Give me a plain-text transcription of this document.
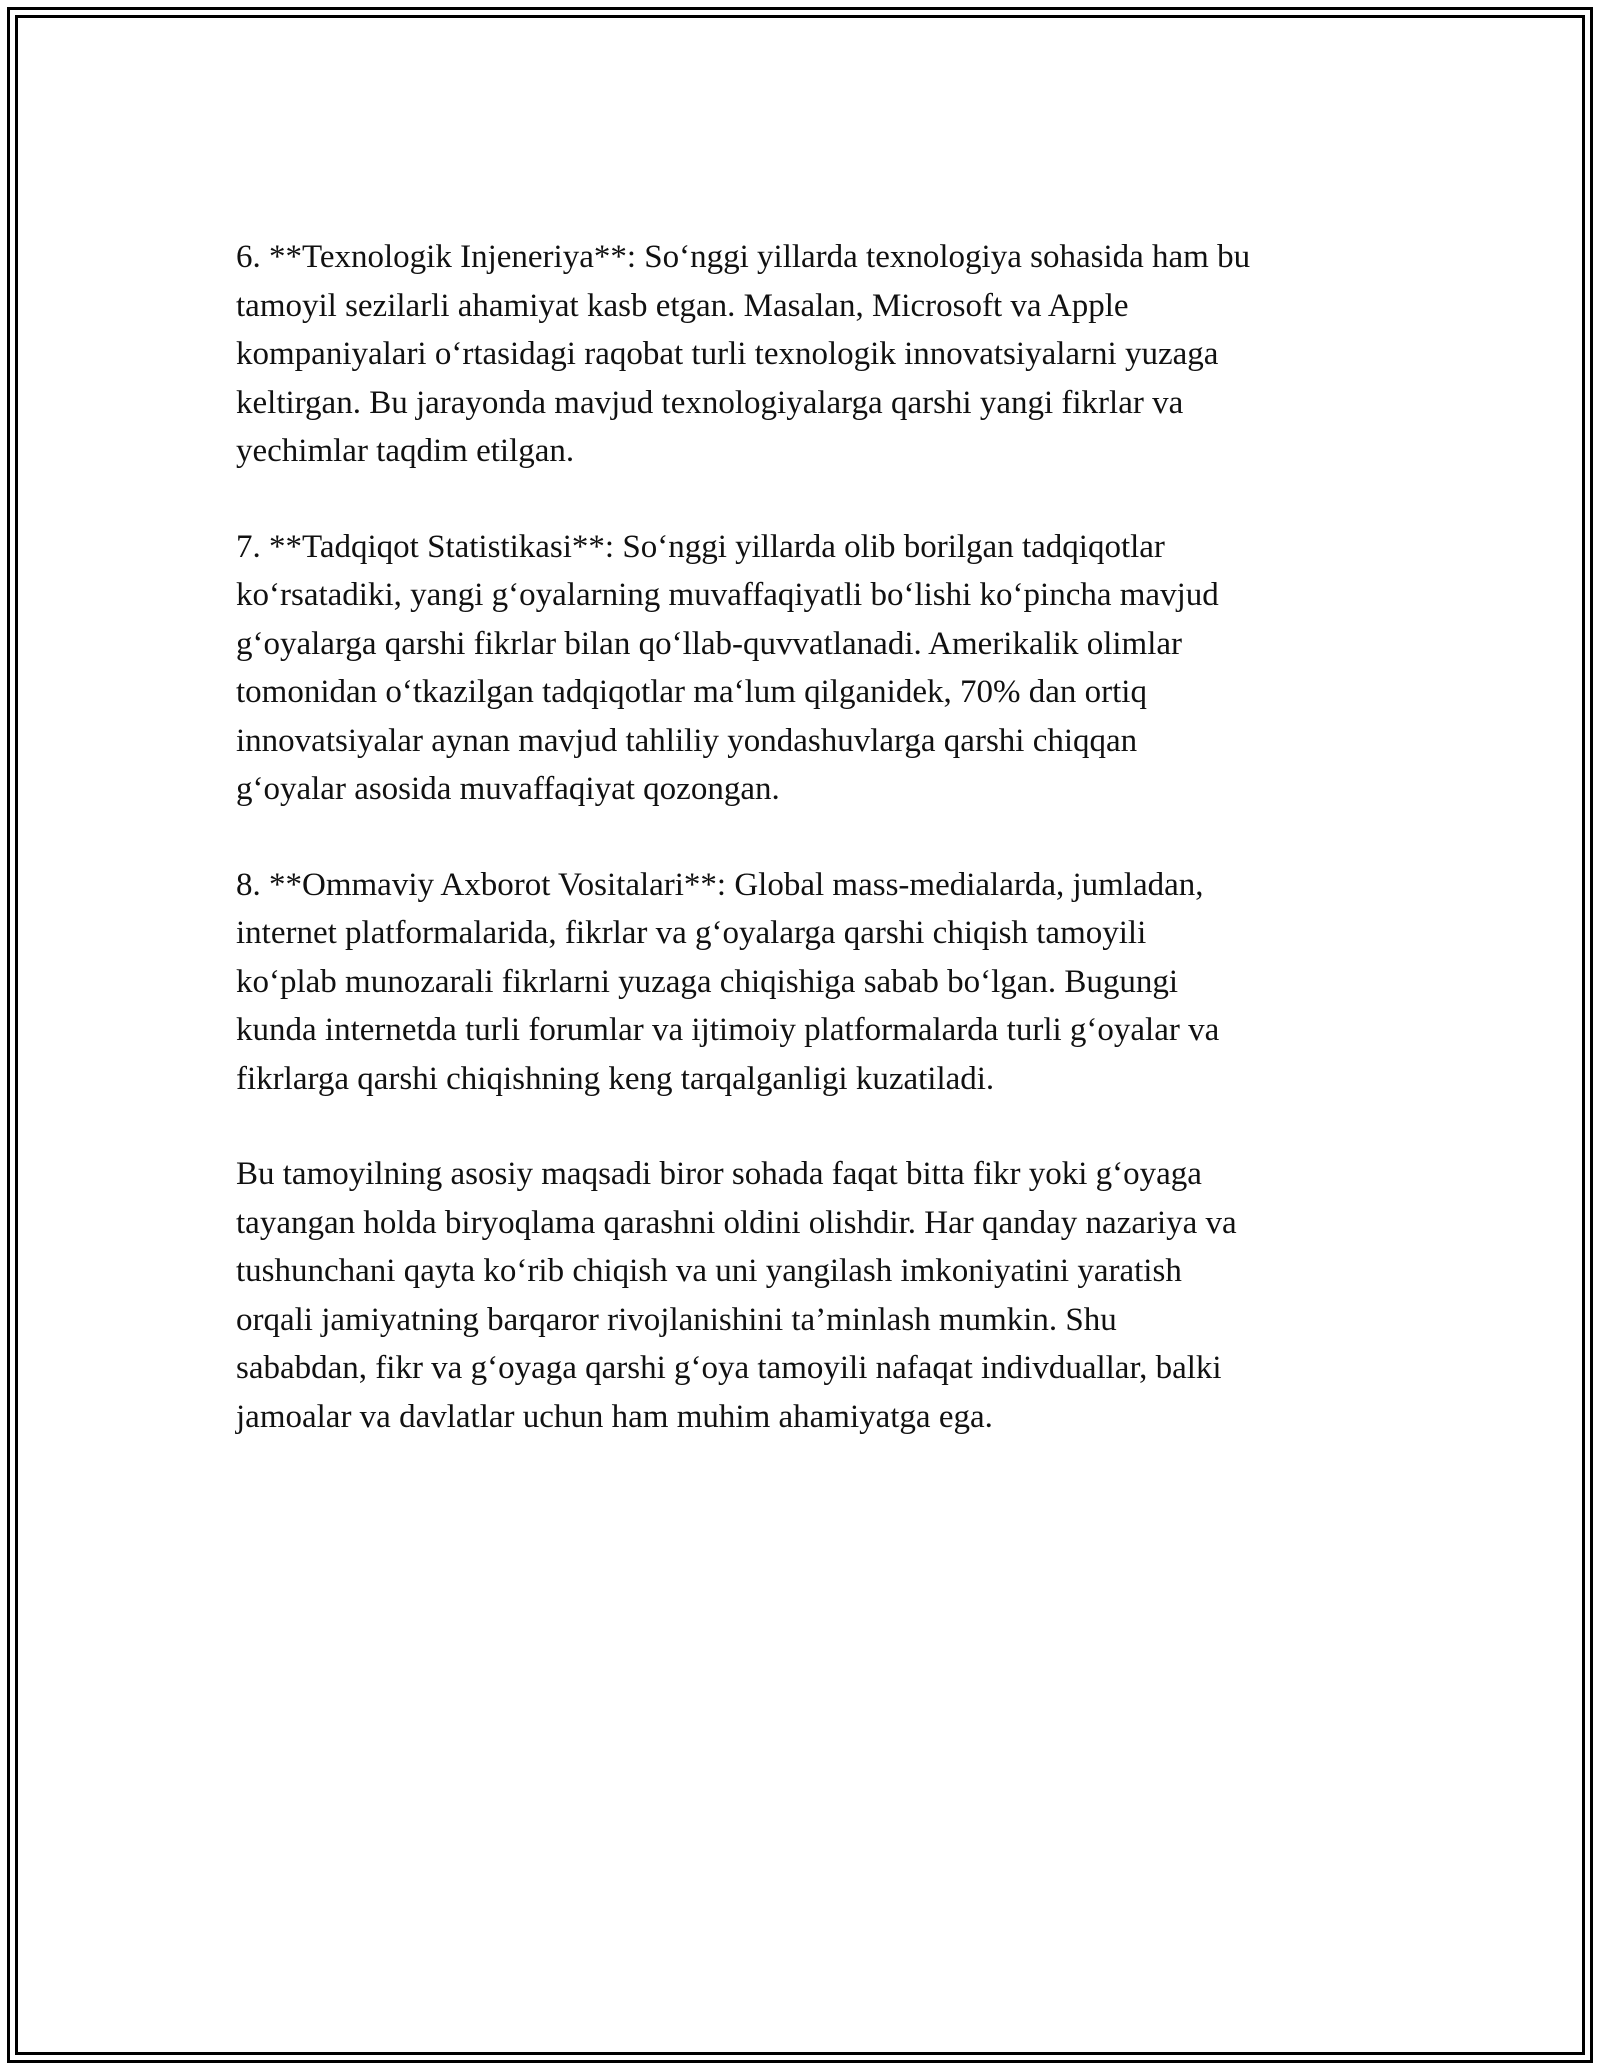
6. **Texnologik Injeneriya**: So‘nggi yillarda texnologiya sohasida ham bu
tamoyil sezilarli ahamiyat kasb etgan. Masalan, Microsoft va Apple
kompaniyalari o‘rtasidagi raqobat turli texnologik innovatsiyalarni yuzaga
keltirgan. Bu jarayonda mavjud texnologiyalarga qarshi yangi fikrlar va
yechimlar taqdim etilgan.

7. **Tadqiqot Statistikasi**: So‘nggi yillarda olib borilgan tadqiqotlar
ko‘rsatadiki, yangi g‘oyalarning muvaffaqiyatli bo‘lishi ko‘pincha mavjud
g‘oyalarga qarshi fikrlar bilan qo‘llab-quvvatlanadi. Amerikalik olimlar
tomonidan o‘tkazilgan tadqiqotlar ma‘lum qilganidek, 70% dan ortiq
innovatsiyalar aynan mavjud tahliliy yondashuvlarga qarshi chiqqan
g‘oyalar asosida muvaffaqiyat qozongan.

8. **Ommaviy Axborot Vositalari**: Global mass-medialarda, jumladan,
internet platformalarida, fikrlar va g‘oyalarga qarshi chiqish tamoyili
ko‘plab munozarali fikrlarni yuzaga chiqishiga sabab bo‘lgan. Bugungi
kunda internetda turli forumlar va ijtimoiy platformalarda turli g‘oyalar va
fikrlarga qarshi chiqishning keng tarqalganligi kuzatiladi.

Bu tamoyilning asosiy maqsadi biror sohada faqat bitta fikr yoki g‘oyaga
tayangan holda biryoqlama qarashni oldini olishdir. Har qanday nazariya va
tushunchani qayta ko‘rib chiqish va uni yangilash imkoniyatini yaratish
orqali jamiyatning barqaror rivojlanishini ta’minlash mumkin. Shu
sababdan, fikr va g‘oyaga qarshi g‘oya tamoyili nafaqat indivduallar, balki
jamoalar va davlatlar uchun ham muhim ahamiyatga ega.
